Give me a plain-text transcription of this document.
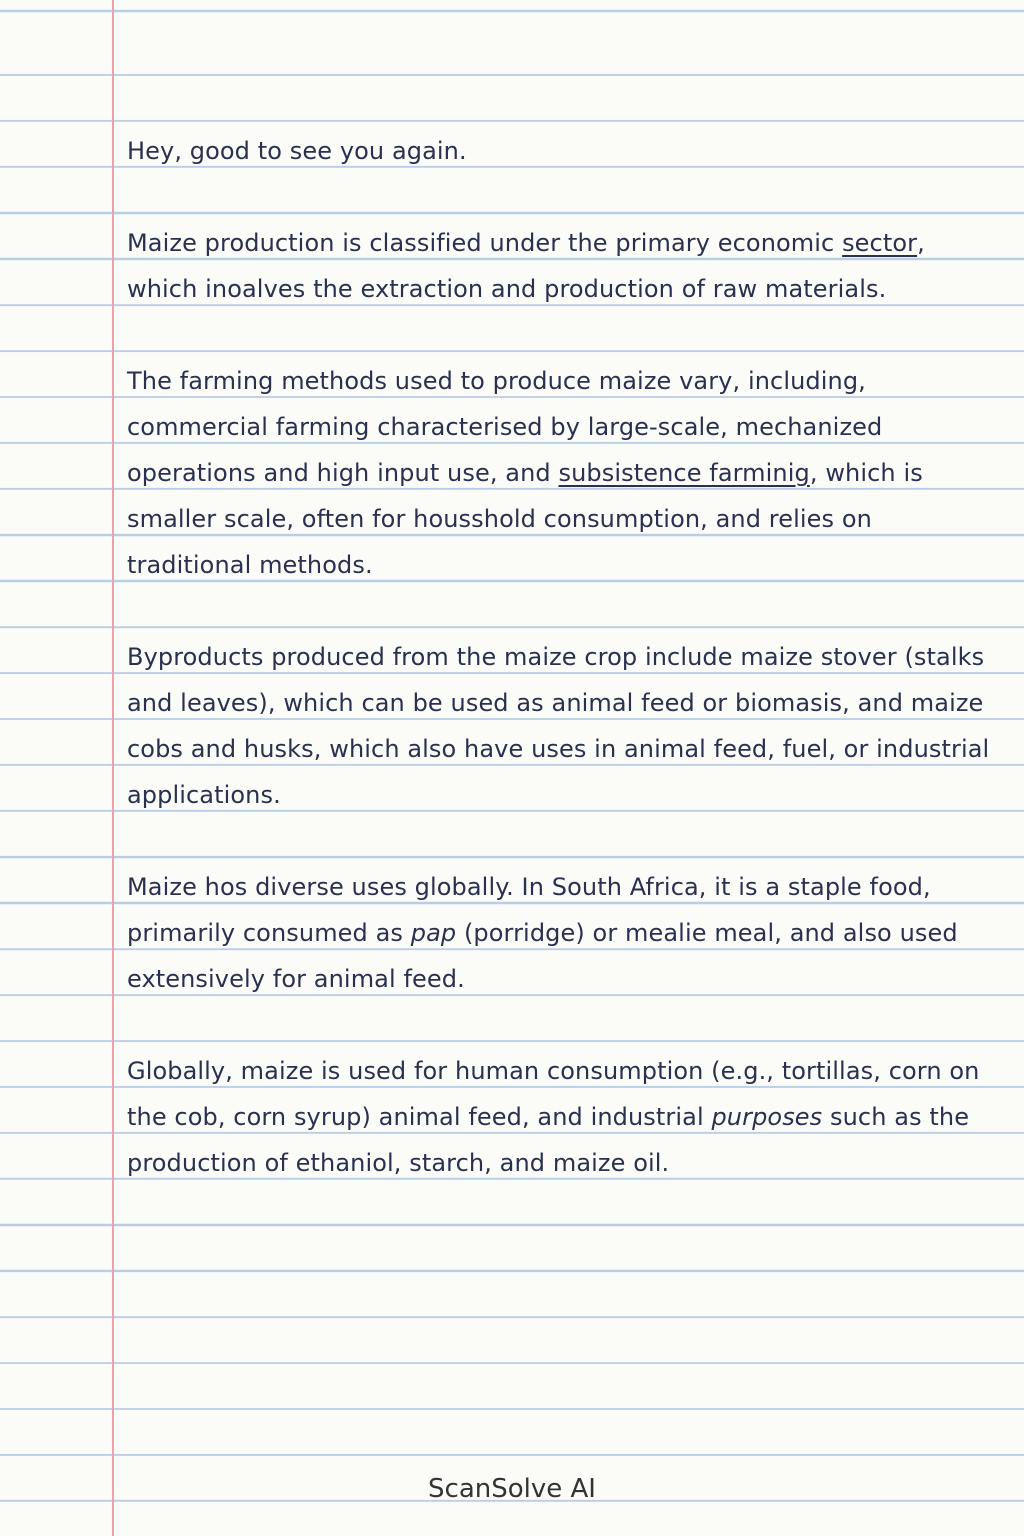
Hey, good to see you again.

Maize production is classified under the primary economic sector, which inoalves the extraction and production of raw materials.

The farming methods used to produce maize vary, including, commercial farming characterised by large-scale, mechanized operations and high input use, and subsistence farminig, which is smaller scale, often for housshold consumption, and relies on traditional methods.

Byproducts produced from the maize crop include maize stover (stalks and leaves), which can be used as animal feed or biomasis, and maize cobs and husks, which also have uses in animal feed, fuel, or industrial applications.

Maize hos diverse uses globally. In South Africa, it is a staple food, primarily consumed as pap (porridge) or mealie meal, and also used extensively for animal feed.

Globally, maize is used for human consumption (e.g., tortillas, corn on the cob, corn syrup) animal feed, and industrial purposes such as the production of ethaniol, starch, and maize oil.

ScanSolve AI
